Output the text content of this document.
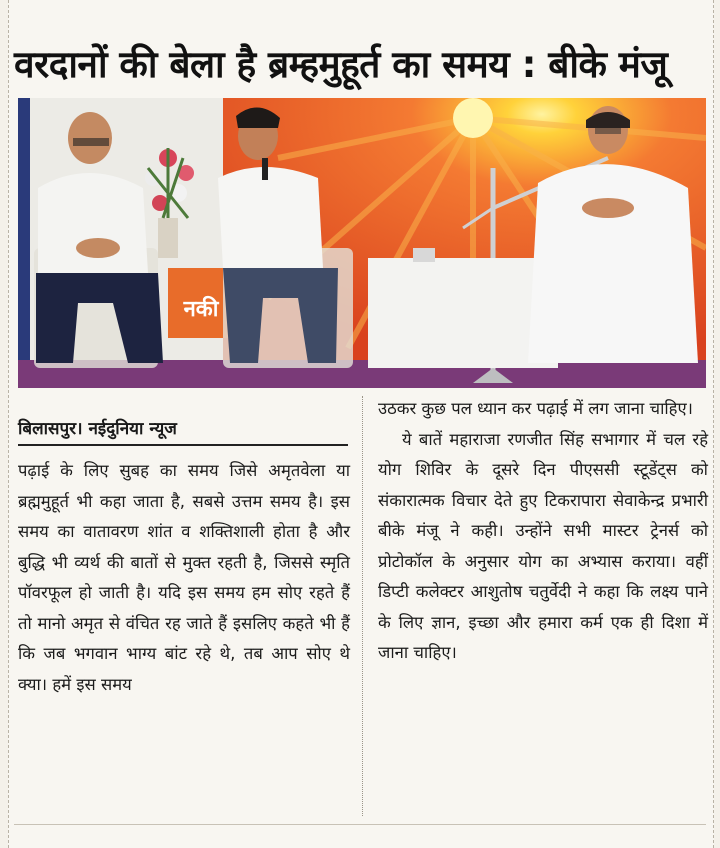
वरदानों की बेला है ब्रम्हमुहूर्त का समय : बीके मंजू
नकी
बिलासपुर। नईदुनिया न्यूज

पढ़ाई के लिए सुबह का समय जिसे अमृतवेला या ब्रह्ममुहूर्त भी कहा जाता है, सबसे उत्तम समय है। इस समय का वातावरण शांत व शक्तिशाली होता है और बुद्धि भी व्यर्थ की बातों से मुक्त रहती है, जिससे स्मृति पॉवरफूल हो जाती है। यदि इस समय हम सोए रहते हैं तो मानो अमृत से वंचित रह जाते हैं इसलिए कहते भी हैं कि जब भगवान भाग्य बांट रहे थे, तब आप सोए थे क्या। हमें इस समय

उठकर कुछ पल ध्यान कर पढ़ाई में लग जाना चाहिए।

ये बातें महाराजा रणजीत सिंह सभागार में चल रहे योग शिविर के दूसरे दिन पीएससी स्टूडेंट्स को संकारात्मक विचार देते हुए टिकरापारा सेवाकेन्द्र प्रभारी बीके मंजू ने कही। उन्होंने सभी मास्टर ट्रेनर्स को प्रोटोकॉल के अनुसार योग का अभ्यास कराया। वहीं डिप्टी कलेक्टर आशुतोष चतुर्वेदी ने कहा कि लक्ष्य पाने के लिए ज्ञान, इच्छा और हमारा कर्म एक ही दिशा में जाना चाहिए।
